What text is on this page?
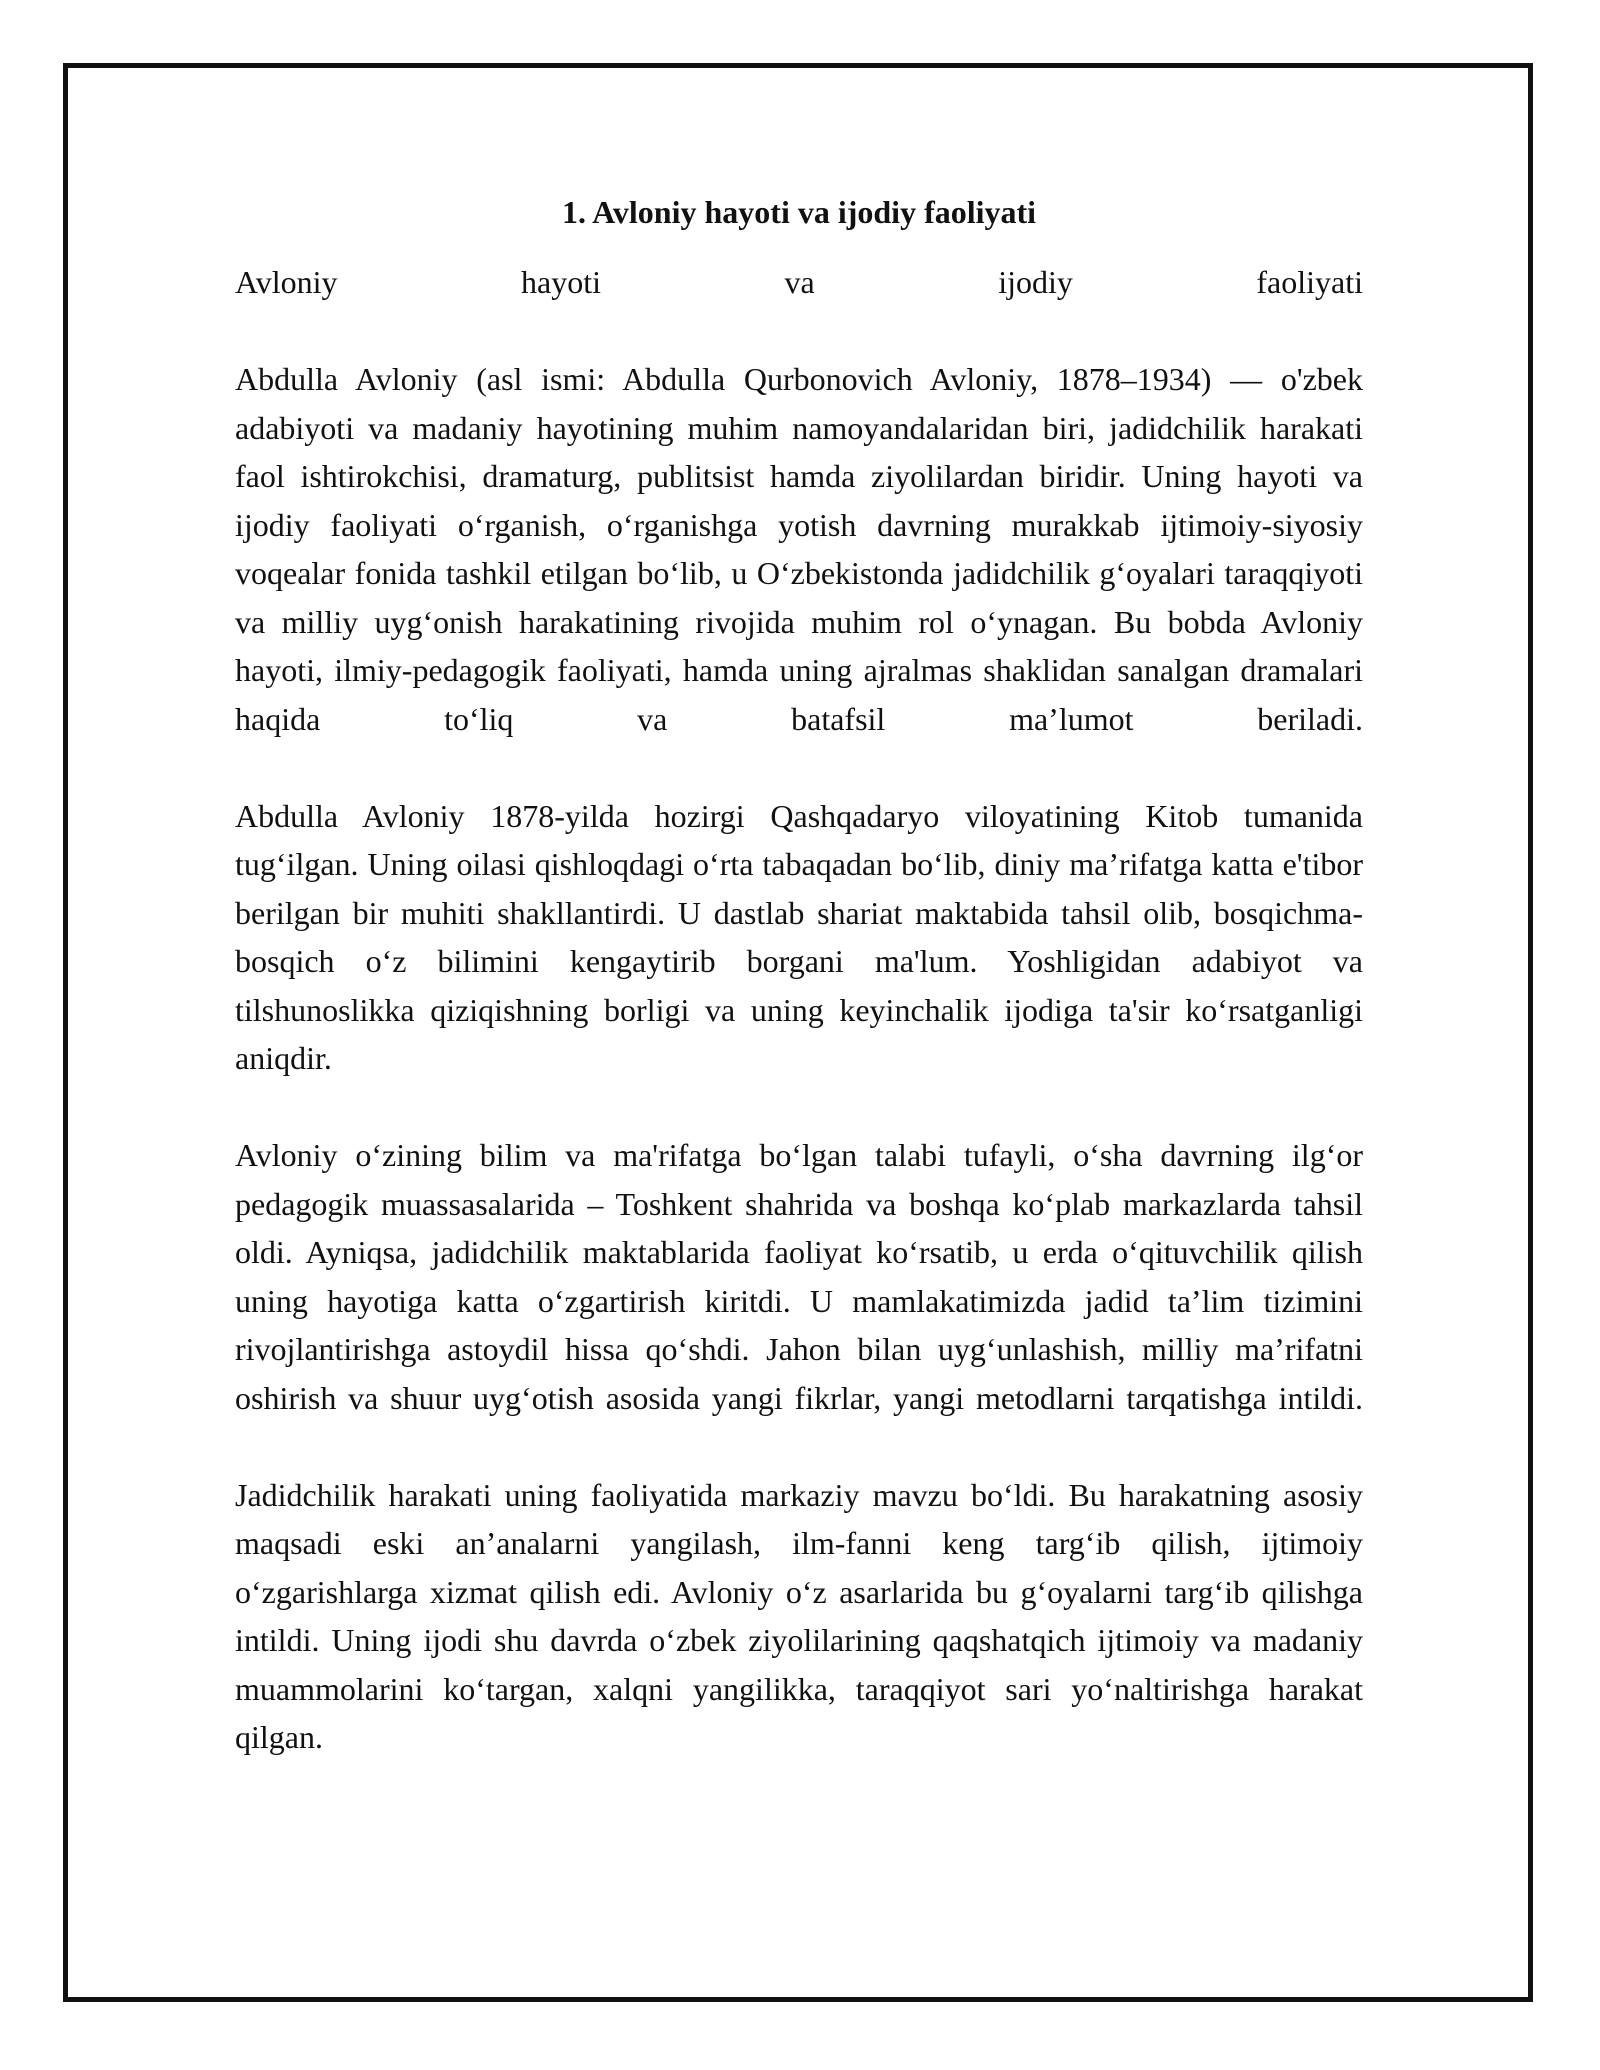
1. Avloniy hayoti va ijodiy faoliyati

Avloniy hayoti va ijodiy faoliyati

Abdulla Avloniy (asl ismi: Abdulla Qurbonovich Avloniy, 1878–1934) — o'zbek adabiyoti va madaniy hayotining muhim namoyandalaridan biri, jadidchilik harakati faol ishtirokchisi, dramaturg, publitsist hamda ziyolilardan biridir. Uning hayoti va ijodiy faoliyati oʻrganish, oʻrganishga yotish davrning murakkab ijtimoiy-siyosiy voqealar fonida tashkil etilgan boʻlib, u Oʻzbekistonda jadidchilik gʻoyalari taraqqiyoti va milliy uygʻonish harakatining rivojida muhim rol oʻynagan. Bu bobda Avloniy hayoti, ilmiy-pedagogik faoliyati, hamda uning ajralmas shaklidan sanalgan dramalari haqida toʻliq va batafsil maʼlumot beriladi.

Abdulla Avloniy 1878-yilda hozirgi Qashqadaryo viloyatining Kitob tumanida tugʻilgan. Uning oilasi qishloqdagi oʻrta tabaqadan boʻlib, diniy maʼrifatga katta e'tibor berilgan bir muhiti shakllantirdi. U dastlab shariat maktabida tahsil olib, bosqichma-bosqich oʻz bilimini kengaytirib borgani ma'lum. Yoshligidan adabiyot va tilshunoslikka qiziqishning borligi va uning keyinchalik ijodiga ta'sir koʻrsatganligi aniqdir.

Avloniy oʻzining bilim va ma'rifatga boʻlgan talabi tufayli, oʻsha davrning ilgʻor pedagogik muassasalarida – Toshkent shahrida va boshqa koʻplab markazlarda tahsil oldi. Ayniqsa, jadidchilik maktablarida faoliyat koʻrsatib, u erda oʻqituvchilik qilish uning hayotiga katta oʻzgartirish kiritdi. U mamlakatimizda jadid taʼlim tizimini rivojlantirishga astoydil hissa qoʻshdi. Jahon bilan uygʻunlashish, milliy maʼrifatni oshirish va shuur uygʻotish asosida yangi fikrlar, yangi metodlarni tarqatishga intildi.

Jadidchilik harakati uning faoliyatida markaziy mavzu boʻldi. Bu harakatning asosiy maqsadi eski anʼanalarni yangilash, ilm-fanni keng targʻib qilish, ijtimoiy oʻzgarishlarga xizmat qilish edi. Avloniy oʻz asarlarida bu gʻoyalarni targʻib qilishga intildi. Uning ijodi shu davrda oʻzbek ziyolilarining qaqshatqich ijtimoiy va madaniy muammolarini koʻtargan, xalqni yangilikka, taraqqiyot sari yoʻnaltirishga harakat qilgan.
